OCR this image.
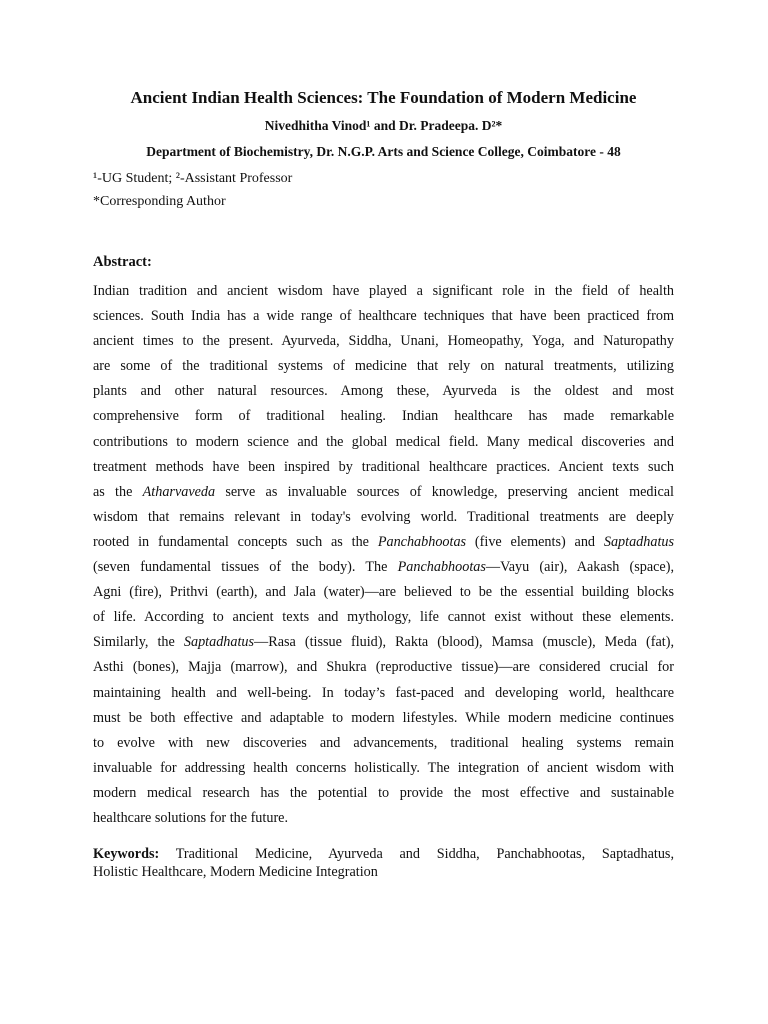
Ancient Indian Health Sciences: The Foundation of Modern Medicine
Nivedhitha Vinod¹ and Dr. Pradeepa. D²*
Department of Biochemistry, Dr. N.G.P. Arts and Science College, Coimbatore - 48
¹-UG Student; ²-Assistant Professor
*Corresponding Author
Abstract:
Indian tradition and ancient wisdom have played a significant role in the field of health
sciences. South India has a wide range of healthcare techniques that have been practiced from
ancient times to the present. Ayurveda, Siddha, Unani, Homeopathy, Yoga, and Naturopathy
are some of the traditional systems of medicine that rely on natural treatments, utilizing
plants and other natural resources. Among these, Ayurveda is the oldest and most
comprehensive form of traditional healing. Indian healthcare has made remarkable
contributions to modern science and the global medical field. Many medical discoveries and
treatment methods have been inspired by traditional healthcare practices. Ancient texts such
as the Atharvaveda serve as invaluable sources of knowledge, preserving ancient medical
wisdom that remains relevant in today's evolving world. Traditional treatments are deeply
rooted in fundamental concepts such as the Panchabhootas (five elements) and Saptadhatus
(seven fundamental tissues of the body). The Panchabhootas—Vayu (air), Aakash (space),
Agni (fire), Prithvi (earth), and Jala (water)—are believed to be the essential building blocks
of life. According to ancient texts and mythology, life cannot exist without these elements.
Similarly, the Saptadhatus—Rasa (tissue fluid), Rakta (blood), Mamsa (muscle), Meda (fat),
Asthi (bones), Majja (marrow), and Shukra (reproductive tissue)—are considered crucial for
maintaining health and well-being. In today’s fast-paced and developing world, healthcare
must be both effective and adaptable to modern lifestyles. While modern medicine continues
to evolve with new discoveries and advancements, traditional healing systems remain
invaluable for addressing health concerns holistically. The integration of ancient wisdom with
modern medical research has the potential to provide the most effective and sustainable
healthcare solutions for the future.
Keywords: Traditional Medicine, Ayurveda and Siddha, Panchabhootas, Saptadhatus,
Holistic Healthcare, Modern Medicine Integration
